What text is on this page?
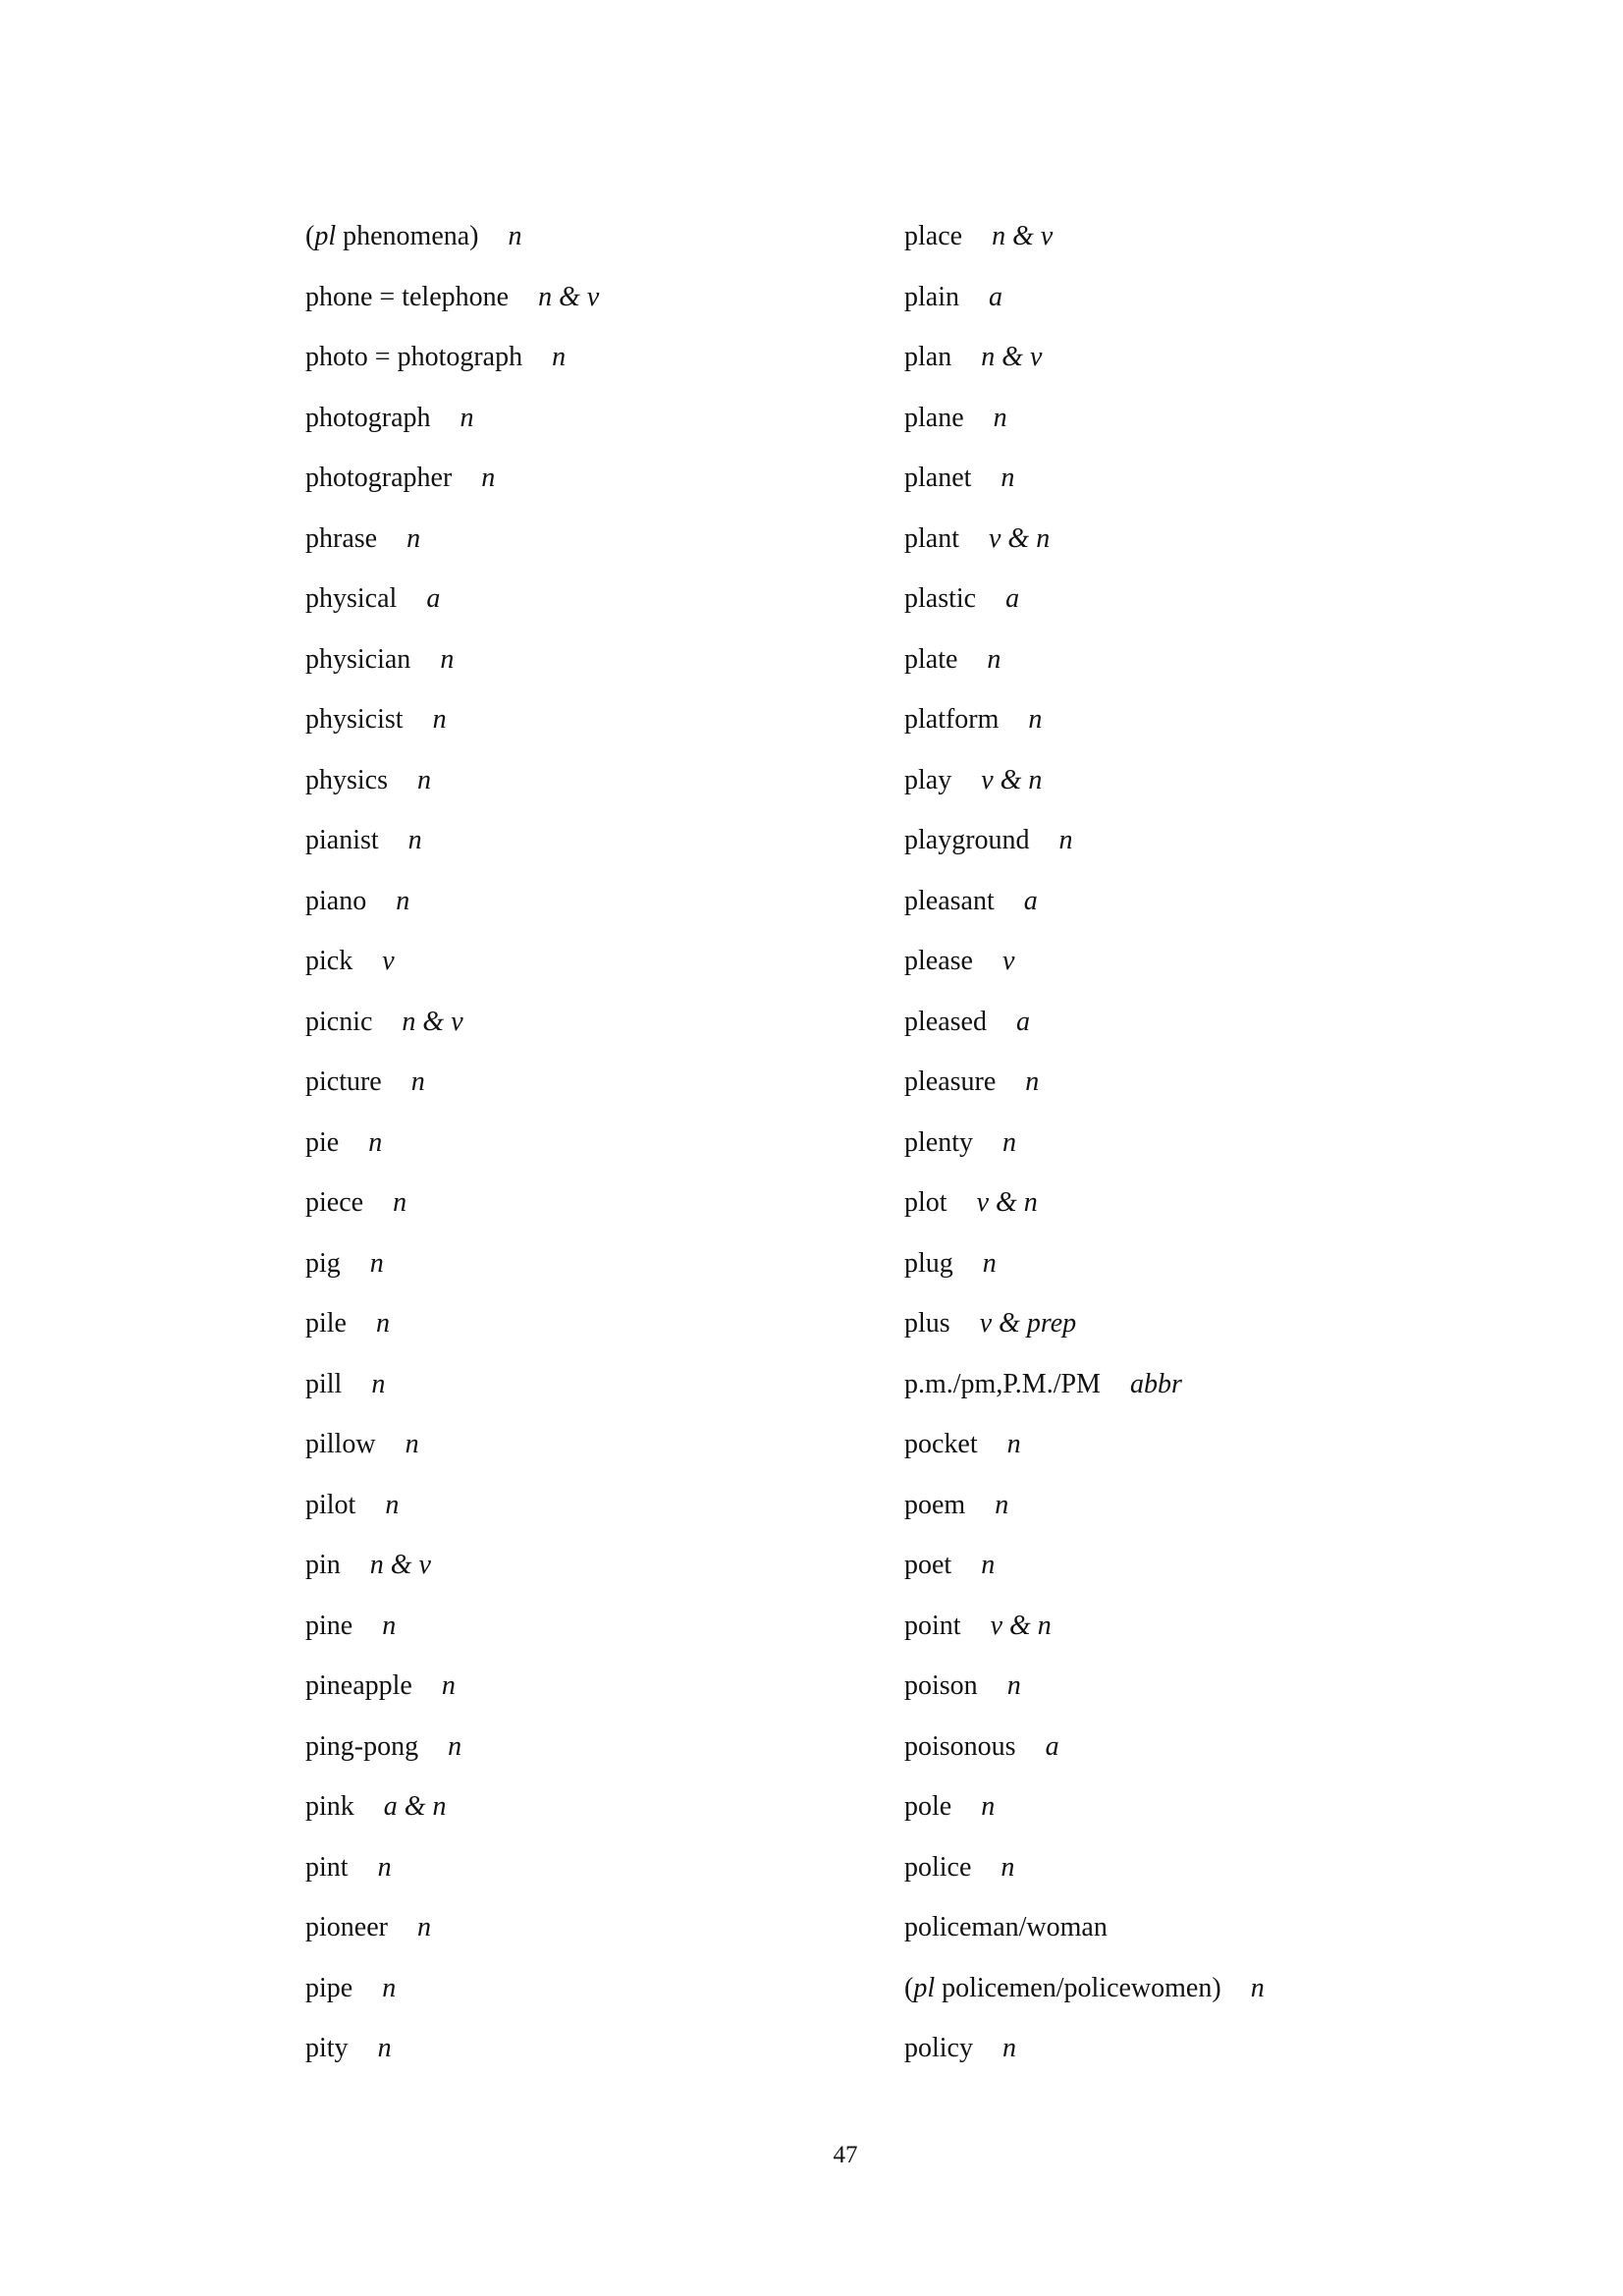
(pl phenomena) n
phone = telephone n & v
photo = photograph n
photograph n
photographer n
phrase n
physical a
physician n
physicist n
physics n
pianist n
piano n
pick v
picnic n & v
picture n
pie n
piece n
pig n
pile n
pill n
pillow n
pilot n
pin n & v
pine n
pineapple n
ping-pong n
pink a & n
pint n
pioneer n
pipe n
pity n
place n & v
plain a
plan n & v
plane n
planet n
plant v & n
plastic a
plate n
platform n
play v & n
playground n
pleasant a
please v
pleased a
pleasure n
plenty n
plot v & n
plug n
plus v & prep
p.m./pm,P.M./PM abbr
pocket n
poem n
poet n
point v & n
poison n
poisonous a
pole n
police n
policeman/woman
(pl policemen/policewomen) n
policy n
47
